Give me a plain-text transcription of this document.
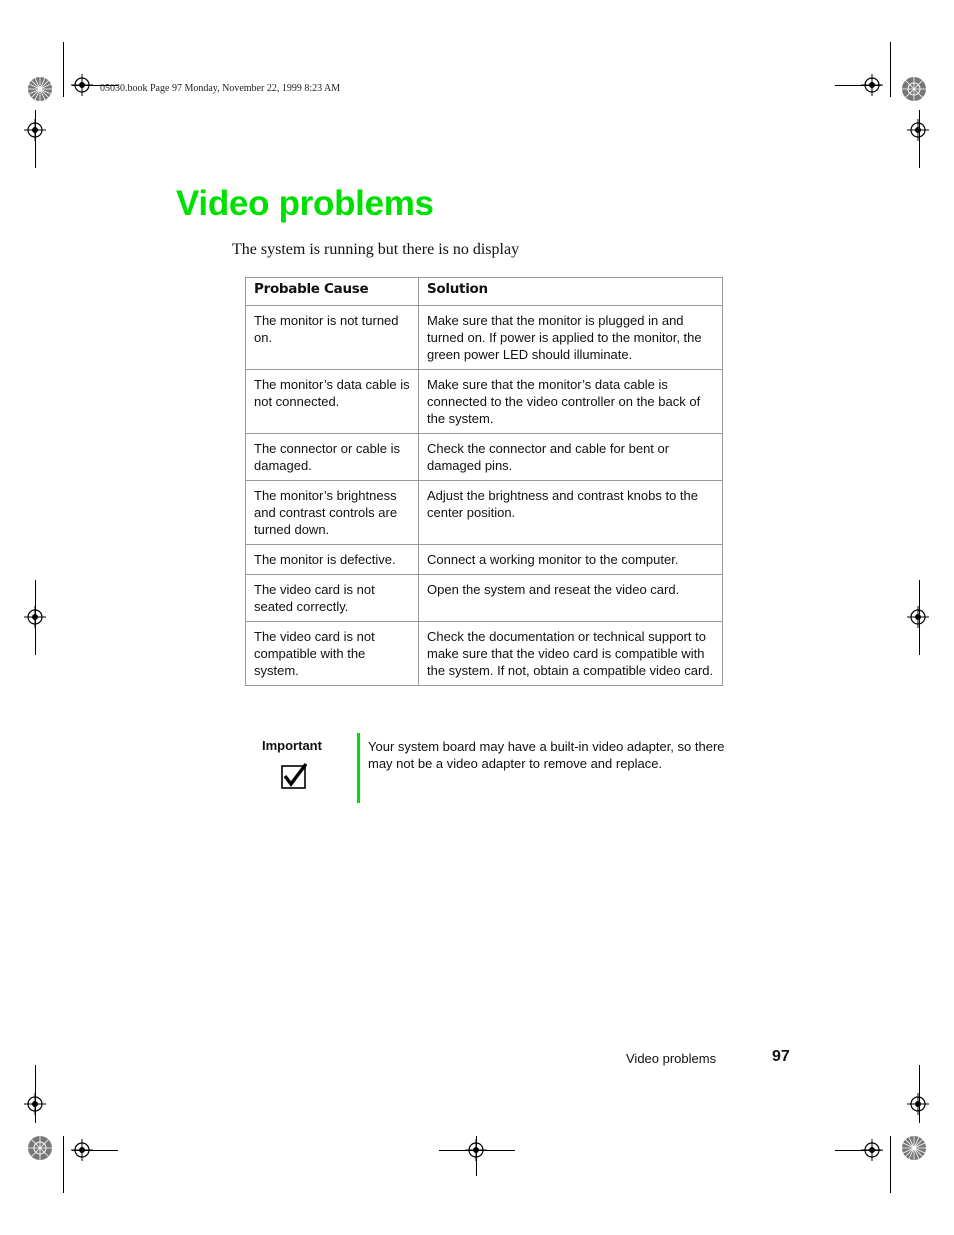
05030.book Page 97 Monday, November 22, 1999 8:23 AM
Video problems
The system is running but there is no display
Probable Cause	Solution
The monitor is not turned on.	Make sure that the monitor is plugged in and turned on. If power is applied to the monitor, the green power LED should illuminate.
The monitor’s data cable is not connected.	Make sure that the monitor’s data cable is connected to the video controller on the back of the system.
The connector or cable is damaged.	Check the connector and cable for bent or damaged pins.
The monitor’s brightness and contrast controls are turned down.	Adjust the brightness and contrast knobs to the center position.
The monitor is defective.	Connect a working monitor to the computer.
The video card is not seated correctly.	Open the system and reseat the video card.
The video card is not compatible with the system.	Check the documentation or technical support to make sure that the video card is compatible with the system. If not, obtain a compatible video card.
Important	Your system board may have a built-in video adapter, so there may not be a video adapter to remove and replace.
Video problems	97
